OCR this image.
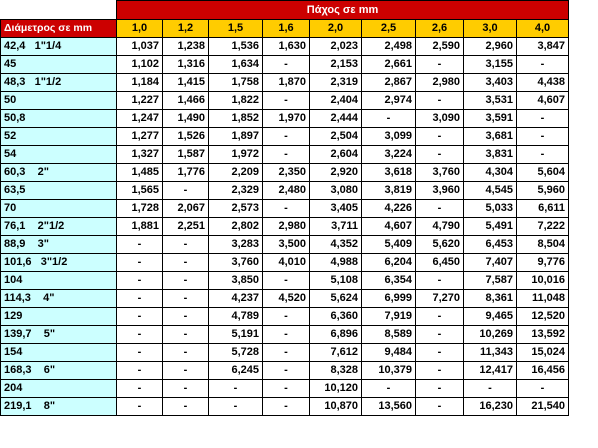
	Πάχος σε mm								
Διάμετρος σε mm	1,0	1,2	1,5	1,6	2,0	2,5	2,6	3,0	4,0
42,4   1"1/4	1,037	1,238	1,536	1,630	2,023	2,498	2,590	2,960	3,847
45	1,102	1,316	1,634	-	2,153	2,661	-	3,155	-
48,3   1"1/2	1,184	1,415	1,758	1,870	2,319	2,867	2,980	3,403	4,438
50	1,227	1,466	1,822	-	2,404	2,974	-	3,531	4,607
50,8	1,247	1,490	1,852	1,970	2,444	-	3,090	3,591	-
52	1,277	1,526	1,897	-	2,504	3,099	-	3,681	-
54	1,327	1,587	1,972	-	2,604	3,224	-	3,831	-
60,3    2"	1,485	1,776	2,209	2,350	2,920	3,618	3,760	4,304	5,604
63,5	1,565	-	2,329	2,480	3,080	3,819	3,960	4,545	5,960
70	1,728	2,067	2,573	-	3,405	4,226	-	5,033	6,611
76,1    2"1/2	1,881	2,251	2,802	2,980	3,711	4,607	4,790	5,491	7,222
88,9    3"	-	-	3,283	3,500	4,352	5,409	5,620	6,453	8,504
101,6   3"1/2	-	-	3,760	4,010	4,988	6,204	6,450	7,407	9,776
104	-	-	3,850	-	5,108	6,354	-	7,587	10,016
114,3    4"	-	-	4,237	4,520	5,624	6,999	7,270	8,361	11,048
129	-	-	4,789	-	6,360	7,919	-	9,465	12,520
139,7    5"	-	-	5,191	-	6,896	8,589	-	10,269	13,592
154	-	-	5,728	-	7,612	9,484	-	11,343	15,024
168,3    6"	-	-	6,245	-	8,328	10,379	-	12,417	16,456
204	-	-	-	-	10,120	-	-	-	-
219,1    8"	-	-	-	-	10,870	13,560	-	16,230	21,540
